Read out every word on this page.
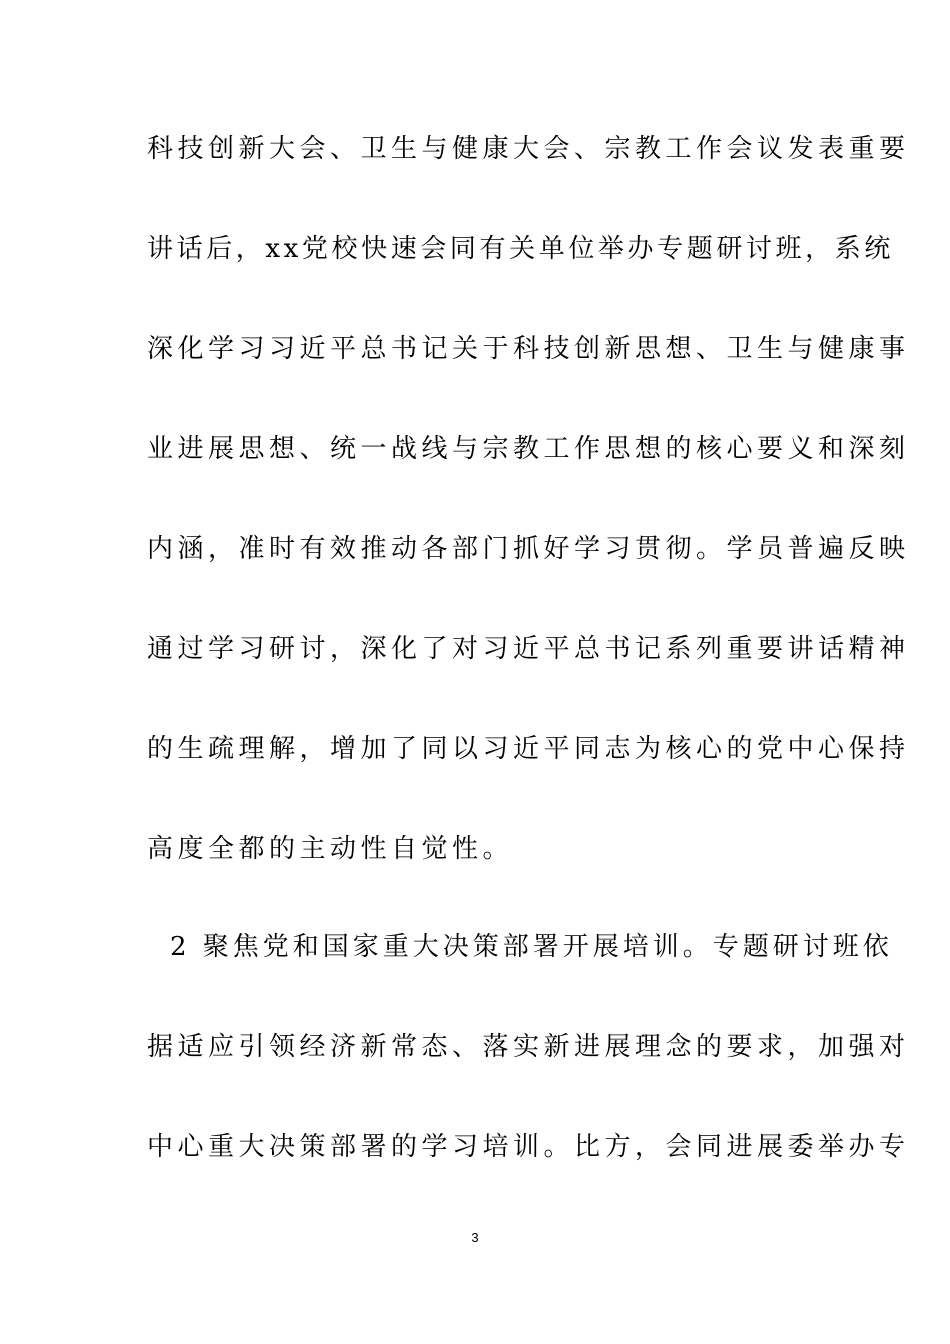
科技创新大会、卫生与健康大会、宗教工作会议发表重要
讲话后，xx党校快速会同有关单位举办专题研讨班，系统
深化学习习近平总书记关于科技创新思想、卫生与健康事
业进展思想、统一战线与宗教工作思想的核心要义和深刻
内涵，准时有效推动各部门抓好学习贯彻。学员普遍反映
通过学习研讨，深化了对习近平总书记系列重要讲话精神
的生疏理解，增加了同以习近平同志为核心的党中心保持
高度全都的主动性自觉性。
2 聚焦党和国家重大决策部署开展培训。专题研讨班依
据适应引领经济新常态、落实新进展理念的要求，加强对
中心重大决策部署的学习培训。比方，会同进展委举办专
3
